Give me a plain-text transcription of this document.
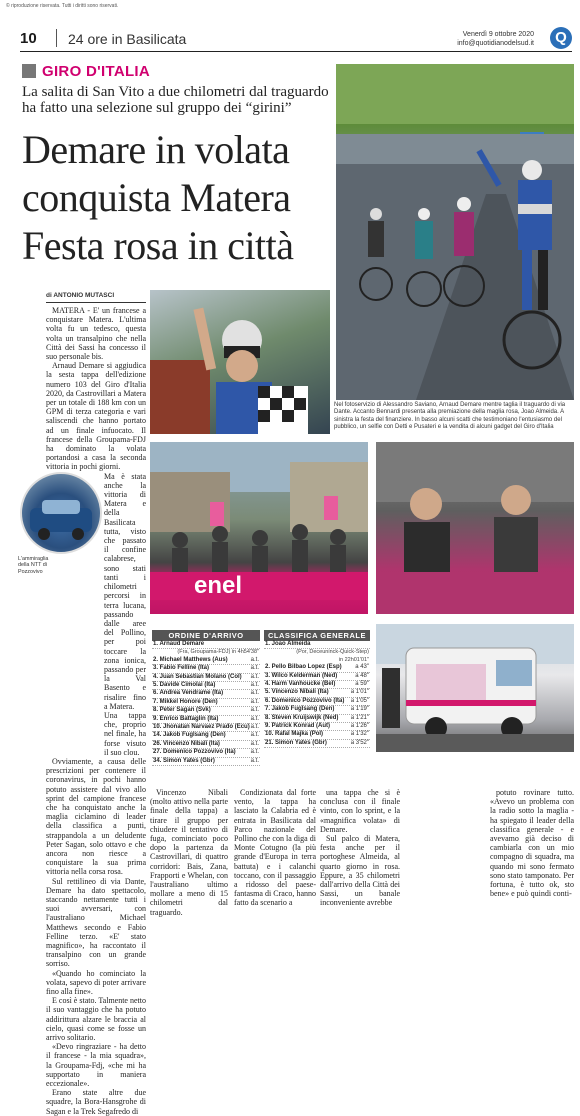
© riproduzione riservata. Tutti i diritti sono riservati.
10 24 ore in Basilicata	Venerdì 9 ottobre 2020
info@quotidianodelsud.it	Q
GIRO D'ITALIA
La salita di San Vito a due chilometri dal traguardo ha fatto una selezione sul gruppo dei “girini”
Demare in volata
conquista Matera
Festa rosa in città
Nel fotoservizio di Alessandro Saviano, Arnaud Demare mentre taglia il traguardo di via Dante. Accanto Bennardi presenta alla premiazione della maglia rosa, Joao Almeida. A sinistra la festa del finanziere. In basso alcuni scatti che testimoniano l'entusiasmo del pubblico, un selfie con Detti e Pusateri e la vendita di alcuni gadget del Giro d'Italia
enel
L'ammiraglia della NTT di Pozzovivo
di ANTONIO MUTASCI

MATERA - E' un francese a conquistare Matera. L'ultima volta fu un tedesco, questa volta un transalpino che nella Città dei Sassi ha concesso il suo personale bis.

Arnaud Demare si aggiudica la sesta tappa dell'edizione numero 103 del Giro d'Italia 2020, da Castrovillari a Matera per un totale di 188 km con un GPM di terza categoria e vari saliscendi che hanno portato ad un finale infuocato. Il francese della Groupama-FDJ ha dominato la volata portandosi a casa la seconda vittoria in pochi giorni.

Ma è stata anche la vittoria di Matera e della Basilicata tutta, visto che passato il confine calabrese, sono stati tanti i chilometri percorsi in terra lucana, passando dalle aree del Pollino, per poi toccare la zona ionica, passando per la Val Basento e risalire fino a Matera.

Una tappa che, proprio nel finale, ha forse visuto il suo clou.

Ovviamente, a causa delle prescrizioni per contenere il coronavirus, in pochi hanno potuto assistere dal vivo allo sprint del campione francese che ha conquistato anche la maglia ciclamino di leader della classifica a punti, strappandola a un deludente Peter Sagan, solo ottavo e che ancora non riesce a conquistare la sua prima vittoria nella corsa rosa.

Sul rettilineo di via Dante, Demare ha dato spettacolo, staccando nettamente tutti i suoi avversari, con l'australiano Michael Matthews secondo e Fabio Felline terzo. «E' stato magnifico», ha raccontato il transalpino con un grande sorriso.

«Quando ho cominciato la volata, sapevo di poter arrivare fino alla fine».

E così è stato. Talmente netto il suo vantaggio che ha potuto addirittura alzare le braccia al cielo, quasi come se fosse un arrivo solitario.

«Devo ringraziare - ha detto il francese - la mia squadra», la Groupama-Fdj, «che mi ha supportato in maniera eccezionale».

Erano state altre due squadre, la Bora-Hansgrohe di Sagan e la Trek Segafredo di

ORDINE D'ARRIVO
1. Arnaud Demare
(Fra, Groupama-FDJ) in 4h54'38"
2. Michael Matthews (Aus)	a.t.
3. Fabio Felline (Ita)	a.t.
4. Juan Sebastian Molano (Col) a.t.
5. Davide Cimolai (Ita)	a.t.
6. Andrea Vendrame (Ita)	a.t.
7. Mikkel Honore (Den)	a.t.
8. Peter Sagan (Svk)	a.t.
9. Enrico Battaglin (Ita)	a.t.
10. Jhonatan Narvaez Prado (Ecu) a.t.
14. Jakob Fuglsang (Den)	a.t.
26. Vincenzo Nibali (Ita)	a.t.
27. Domenico Pozzovivo (Ita) a.t.
34. Simon Yates (Gbr)	a.t.
CLASSIFICA GENERALE
1. Joao Almeida
(Por, Deceuninck-Quick-Step)
in 22h01'01"
2. Pello Bilbao Lopez (Esp) a 43"
3. Wilco Kelderman (Ned)	a 48"
4. Harm Vanhoucke (Bel)	a 59"
5. Vincenzo Nibali (Ita)	a 1'01"
6. Domenico Pozzovivo (Ita) a 1'05"
7. Jakob Fuglsang (Den)	a 1'19"
8. Steven Kruijswijk (Ned) a 1'21"
9. Patrick Konrad (Aut)	a 1'26"
10. Rafal Majka (Pol)	a 1'32"
21. Simon Yates (Gbr)	a 3'52"

Vincenzo Nibali (molto attivo nella parte finale della tappa) a tirare il gruppo per chiudere il tentativo di fuga, cominciato poco dopo la partenza da Castrovillari, di quattro corridori: Bais, Zana, Frapporti e Whelan, con l'australiano ultimo mollare a meno di 15 chilometri dal traguardo.

Condizionata dal forte vento, la tappa ha lasciato la Calabria ed è entrata in Basilicata dal Parco nazionale del Pollino che con la diga di Monte Cotugno (la più grande d'Europa in terra battuta) e i calanchi toccano, con il passaggio a ridosso del paese-fantasma di Craco, hanno fatto da scenario a

una tappa che si è conclusa con il finale vinto, con lo sprint, e la «magnifica volata» di Demare.

Sul palco di Matera, festa anche per il portoghese Almeida, al quarto giorno in rosa. Eppure, a 35 chilometri dall'arrivo della Città dei Sassi, un banale inconveniente avrebbe

potuto rovinare tutto. «Avevo un problema con la radio sotto la maglia - ha spiegato il leader della classifica generale - e avevamo già deciso di cambiarla con un mio compagno di squadra, ma quando mi sono fermato sono stato tamponato. Per fortuna, è tutto ok, sto bene» e può quindi conti-
